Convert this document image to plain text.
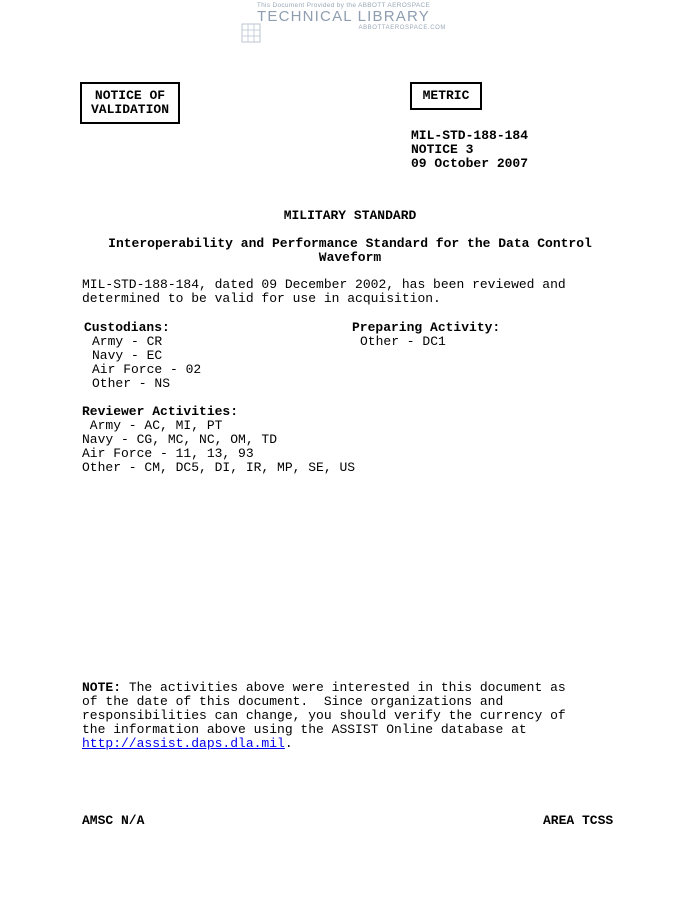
This Document Provided by the ABBOTT AEROSPACE
TECHNICAL LIBRARY
ABBOTTAEROSPACE.COM
NOTICE OF
VALIDATION
METRIC
MIL-STD-188-184
NOTICE 3
09 October 2007
MILITARY STANDARD
Interoperability and Performance Standard for the Data Control
Waveform
MIL-STD-188-184, dated 09 December 2002, has been reviewed and
determined to be valid for use in acquisition.
Custodians:
Army - CR
Navy - EC
Air Force - 02
Other - NS
Preparing Activity:
Other - DC1
Reviewer Activities:
Army - AC, MI, PT
Navy - CG, MC, NC, OM, TD
Air Force - 11, 13, 93
Other - CM, DC5, DI, IR, MP, SE, US
NOTE: The activities above were interested in this document as
of the date of this document.  Since organizations and
responsibilities can change, you should verify the currency of
the information above using the ASSIST Online database at
http://assist.daps.dla.mil.
AMSC N/A	AREA TCSS
